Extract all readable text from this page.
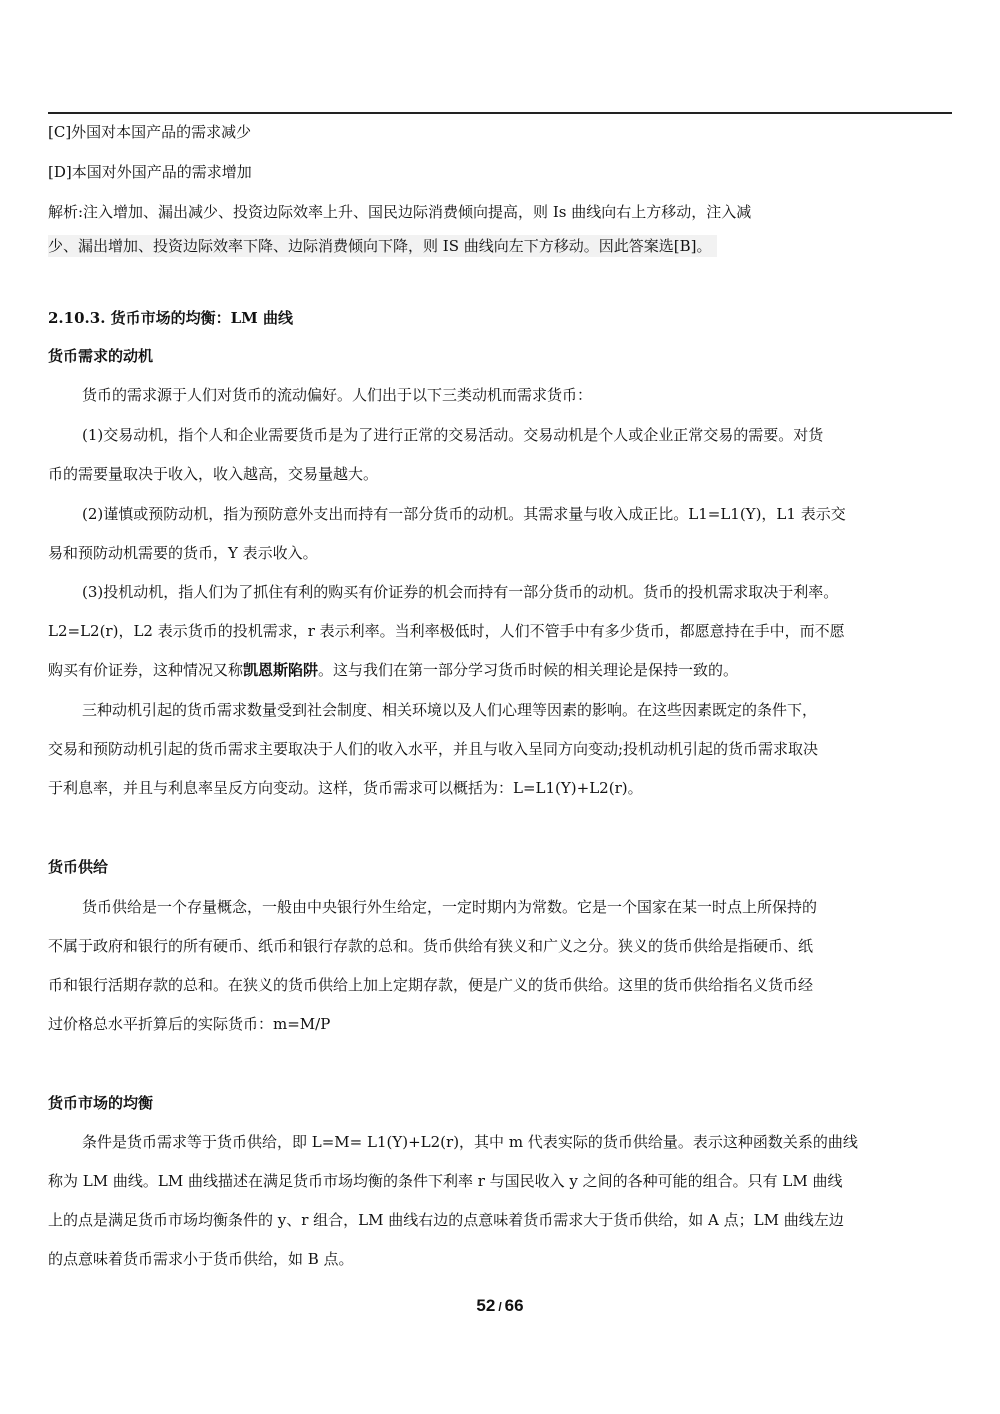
[C]外国对本国产品的需求减少
[D]本国对外国产品的需求增加
解析:注入增加、漏出减少、投资边际效率上升、国民边际消费倾向提高，则 Is 曲线向右上方移动，注入减
少、漏出增加、投资边际效率下降、边际消费倾向下降，则 IS 曲线向左下方移动。因此答案选[B]。
2.10.3. 货币市场的均衡：LM 曲线
货币需求的动机
货币的需求源于人们对货币的流动偏好。人们出于以下三类动机而需求货币：
(1)交易动机，指个人和企业需要货币是为了进行正常的交易活动。交易动机是个人或企业正常交易的需要。对货
币的需要量取决于收入，收入越高，交易量越大。
(2)谨慎或预防动机，指为预防意外支出而持有一部分货币的动机。其需求量与收入成正比。L1=L1(Y)，L1 表示交
易和预防动机需要的货币，Y 表示收入。
(3)投机动机，指人们为了抓住有利的购买有价证券的机会而持有一部分货币的动机。货币的投机需求取决于利率。
L2=L2(r)，L2 表示货币的投机需求，r 表示利率。当利率极低时，人们不管手中有多少货币，都愿意持在手中，而不愿
购买有价证券，这种情况又称凯恩斯陷阱。这与我们在第一部分学习货币时候的相关理论是保持一致的。
三种动机引起的货币需求数量受到社会制度、相关环境以及人们心理等因素的影响。在这些因素既定的条件下，
交易和预防动机引起的货币需求主要取决于人们的收入水平，并且与收入呈同方向变动;投机动机引起的货币需求取决
于利息率，并且与利息率呈反方向变动。这样，货币需求可以概括为：L=L1(Y)+L2(r)。
货币供给
货币供给是一个存量概念，一般由中央银行外生给定，一定时期内为常数。它是一个国家在某一时点上所保持的
不属于政府和银行的所有硬币、纸币和银行存款的总和。货币供给有狭义和广义之分。狭义的货币供给是指硬币、纸
币和银行活期存款的总和。在狭义的货币供给上加上定期存款，便是广义的货币供给。这里的货币供给指名义货币经
过价格总水平折算后的实际货币：m=M/P
货币市场的均衡
条件是货币需求等于货币供给，即 L=M= L1(Y)+L2(r)，其中 m 代表实际的货币供给量。表示这种函数关系的曲线
称为 LM 曲线。LM 曲线描述在满足货币市场均衡的条件下利率 r 与国民收入 y 之间的各种可能的组合。只有 LM 曲线
上的点是满足货币市场均衡条件的 y、r 组合，LM 曲线右边的点意味着货币需求大于货币供给，如 A 点；LM 曲线左边
的点意味着货币需求小于货币供给，如 B 点。
52 / 66
